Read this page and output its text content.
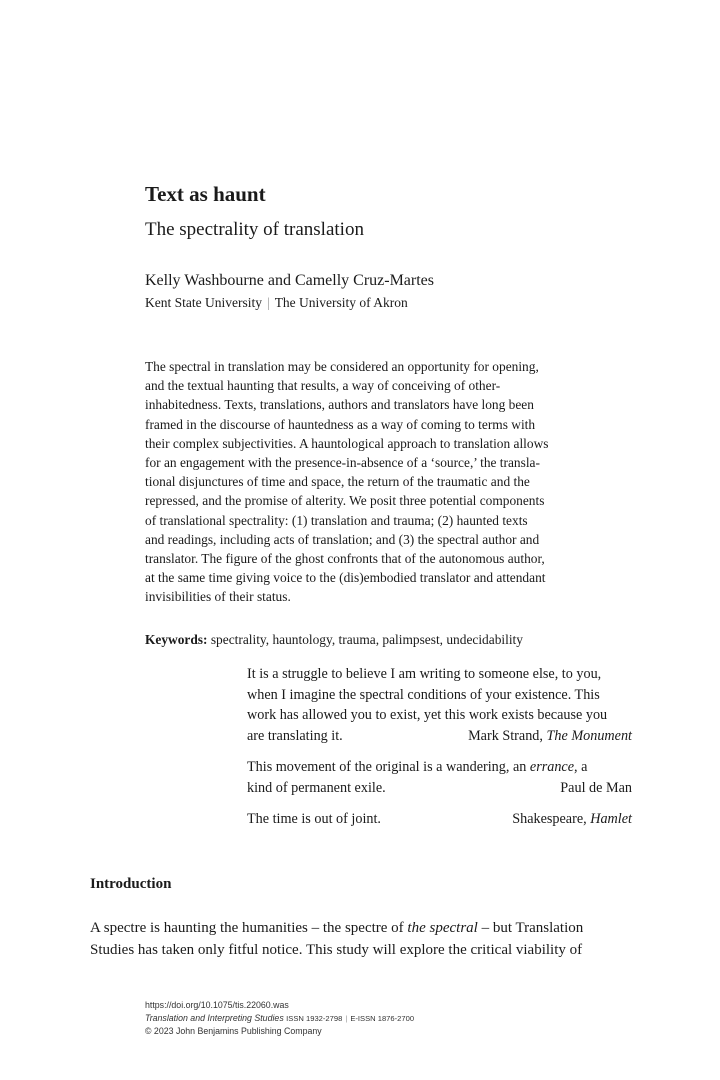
Text as haunt
The spectrality of translation
Kelly Washbourne and Camelly Cruz-Martes
Kent State University | The University of Akron
The spectral in translation may be considered an opportunity for opening,
and the textual haunting that results, a way of conceiving of other-
inhabitedness. Texts, translations, authors and translators have long been
framed in the discourse of hauntedness as a way of coming to terms with
their complex subjectivities. A hauntological approach to translation allows
for an engagement with the presence-in-absence of a ‘source,’ the transla-
tional disjunctures of time and space, the return of the traumatic and the
repressed, and the promise of alterity. We posit three potential components
of translational spectrality: (1) translation and trauma; (2) haunted texts
and readings, including acts of translation; and (3) the spectral author and
translator. The figure of the ghost confronts that of the autonomous author,
at the same time giving voice to the (dis)embodied translator and attendant
invisibilities of their status.
Keywords: spectrality, hauntology, trauma, palimpsest, undecidability
It is a struggle to believe I am writing to someone else, to you,
when I imagine the spectral conditions of your existence. This
work has allowed you to exist, yet this work exists because you
are translating it.	Mark Strand, The Monument
This movement of the original is a wandering, an errance, a
kind of permanent exile.	Paul de Man
The time is out of joint.	Shakespeare, Hamlet
Introduction
A spectre is haunting the humanities – the spectre of the spectral – but Translation
Studies has taken only fitful notice. This study will explore the critical viability of
https://doi.org/10.1075/tis.22060.was
Translation and Interpreting Studies ISSN 1932-2798 | E-ISSN 1876-2700
© 2023 John Benjamins Publishing Company
